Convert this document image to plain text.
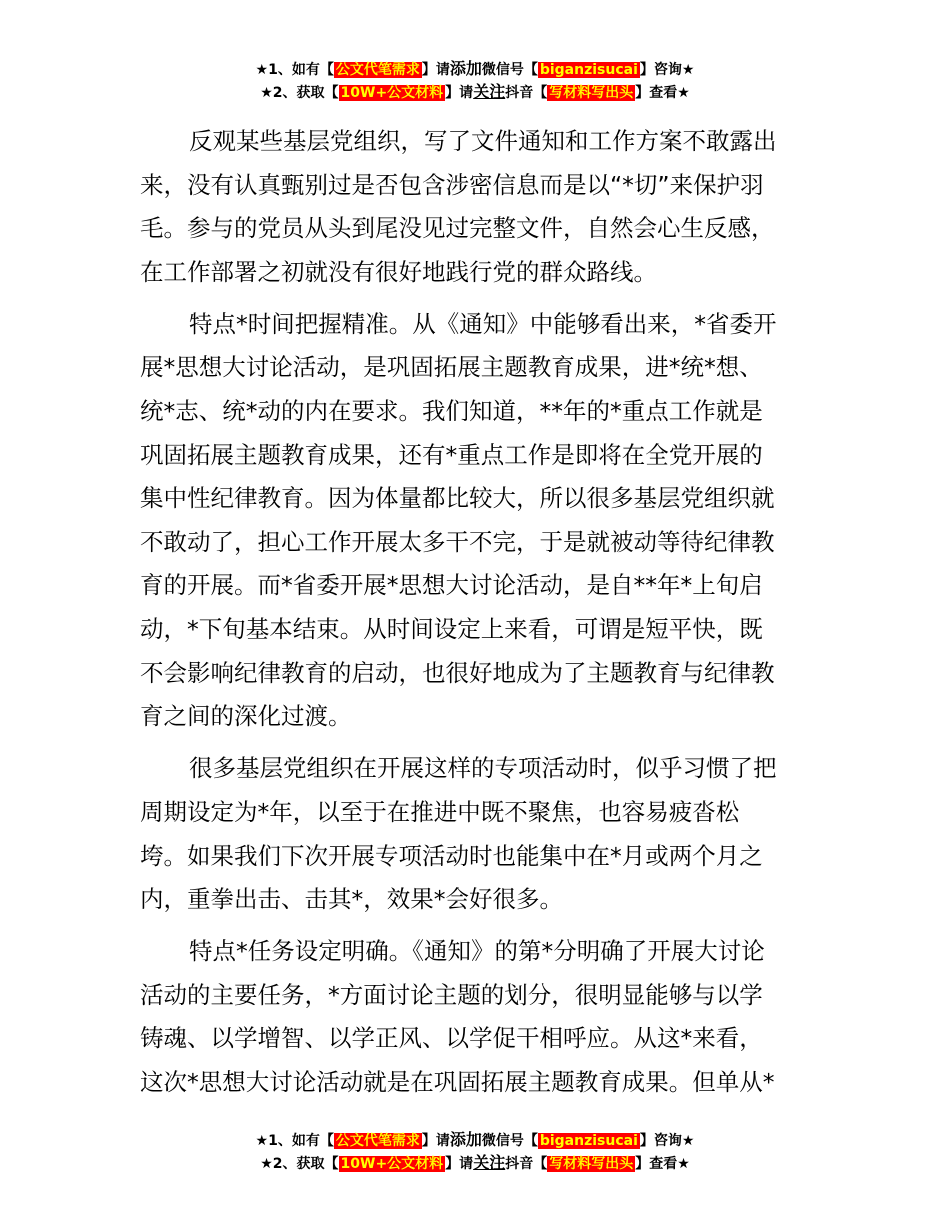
★1、如有【 公文代笔需求 】请添加微信号【 biganzisucai 】咨询★
★2、获取【 10W+公文材料 】请关注抖音【 写材料写出头 】查看★

反观某些基层党组织，写了文件通知和工作方案不敢露出
来，没有认真甄别过是否包含涉密信息而是以“*切”来保护羽
毛。参与的党员从头到尾没见过完整文件，自然会心生反感，
在工作部署之初就没有很好地践行党的群众路线。

特点*时间把握精准。从《通知》中能够看出来，*省委开
展*思想大讨论活动，是巩固拓展主题教育成果，进*统*想、
统*志、统*动的内在要求。我们知道，**年的*重点工作就是
巩固拓展主题教育成果，还有*重点工作是即将在全党开展的
集中性纪律教育。因为体量都比较大，所以很多基层党组织就
不敢动了，担心工作开展太多干不完，于是就被动等待纪律教
育的开展。而*省委开展*思想大讨论活动，是自**年*上旬启
动，*下旬基本结束。从时间设定上来看，可谓是短平快，既
不会影响纪律教育的启动，也很好地成为了主题教育与纪律教
育之间的深化过渡。

很多基层党组织在开展这样的专项活动时，似乎习惯了把
周期设定为*年，以至于在推进中既不聚焦，也容易疲沓松
垮。如果我们下次开展专项活动时也能集中在*月或两个月之
内，重拳出击、击其*，效果*会好很多。

特点*任务设定明确。《通知》的第*分明确了开展大讨论
活动的主要任务，*方面讨论主题的划分，很明显能够与以学
铸魂、以学增智、以学正风、以学促干相呼应。从这*来看，
这次*思想大讨论活动就是在巩固拓展主题教育成果。但单从*

★1、如有【 公文代笔需求 】请添加微信号【 biganzisucai 】咨询★
★2、获取【 10W+公文材料 】请关注抖音【 写材料写出头 】查看★
